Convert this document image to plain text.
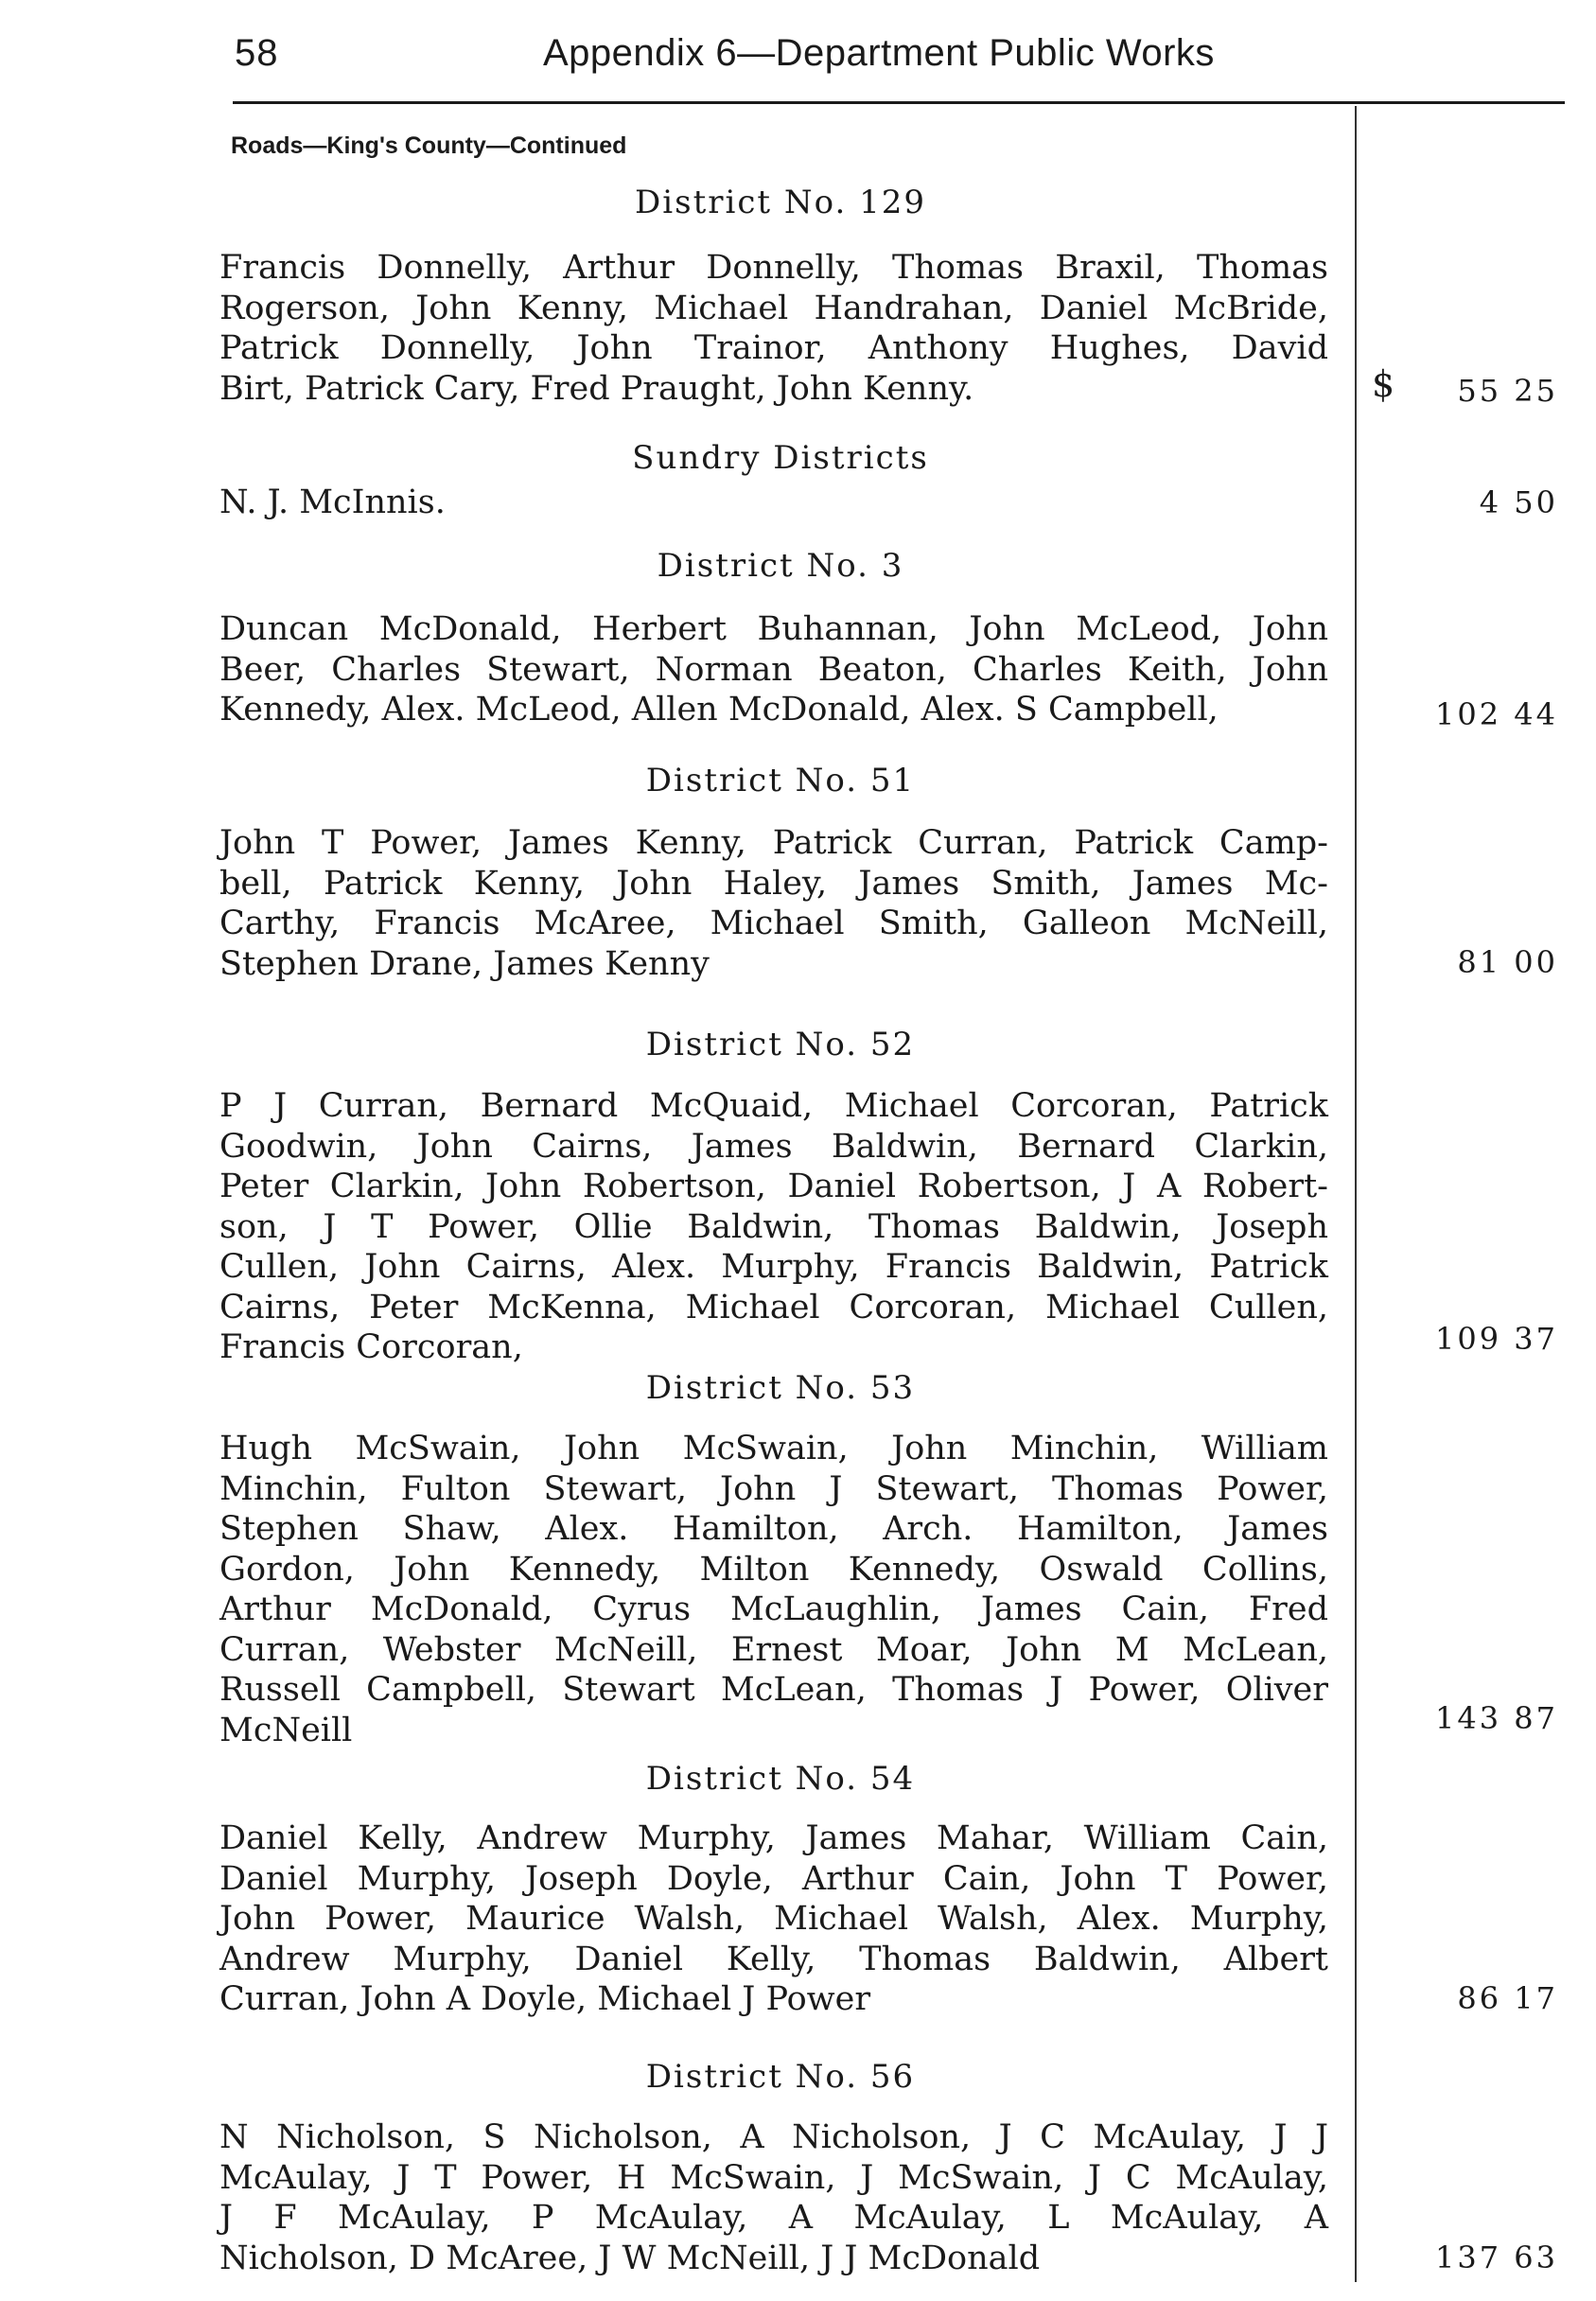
58	Appendix 6—Department Public Works
Roads—King's County—Continued
$
District No. 129
Francis Donnelly, Arthur Donnelly, Thomas Braxil, Thomas
Rogerson, John Kenny, Michael Handrahan, Daniel McBride,
Patrick Donnelly, John Trainor, Anthony Hughes, David
Birt, Patrick Cary, Fred Praught, John Kenny.	55 25
Sundry Districts
N. J. McInnis.	4 50
District No. 3
Duncan McDonald, Herbert Buhannan, John McLeod, John
Beer, Charles Stewart, Norman Beaton, Charles Keith, John
Kennedy, Alex. McLeod, Allen McDonald, Alex. S Campbell,	102 44
District No. 51
John T Power, James Kenny, Patrick Curran, Patrick Camp-
bell, Patrick Kenny, John Haley, James Smith, James Mc-
Carthy, Francis McAree, Michael Smith, Galleon McNeill,
Stephen Drane, James Kenny	81 00
District No. 52
P J Curran, Bernard McQuaid, Michael Corcoran, Patrick
Goodwin, John Cairns, James Baldwin, Bernard Clarkin,
Peter Clarkin, John Robertson, Daniel Robertson, J A Robert-
son, J T Power, Ollie Baldwin, Thomas Baldwin, Joseph
Cullen, John Cairns, Alex. Murphy, Francis Baldwin, Patrick
Cairns, Peter McKenna, Michael Corcoran, Michael Cullen,
Francis Corcoran,	109 37
District No. 53
Hugh McSwain, John McSwain, John Minchin, William
Minchin, Fulton Stewart, John J Stewart, Thomas Power,
Stephen Shaw, Alex. Hamilton, Arch. Hamilton, James
Gordon, John Kennedy, Milton Kennedy, Oswald Collins,
Arthur McDonald, Cyrus McLaughlin, James Cain, Fred
Curran, Webster McNeill, Ernest Moar, John M McLean,
Russell Campbell, Stewart McLean, Thomas J Power, Oliver
McNeill	143 87
District No. 54
Daniel Kelly, Andrew Murphy, James Mahar, William Cain,
Daniel Murphy, Joseph Doyle, Arthur Cain, John T Power,
John Power, Maurice Walsh, Michael Walsh, Alex. Murphy,
Andrew Murphy, Daniel Kelly, Thomas Baldwin, Albert
Curran, John A Doyle, Michael J Power	86 17
District No. 56
N Nicholson, S Nicholson, A Nicholson, J C McAulay, J J
McAulay, J T Power, H McSwain, J McSwain, J C McAulay,
J F McAulay, P McAulay, A McAulay, L McAulay, A
Nicholson, D McAree, J W McNeill, J J McDonald	137 63
